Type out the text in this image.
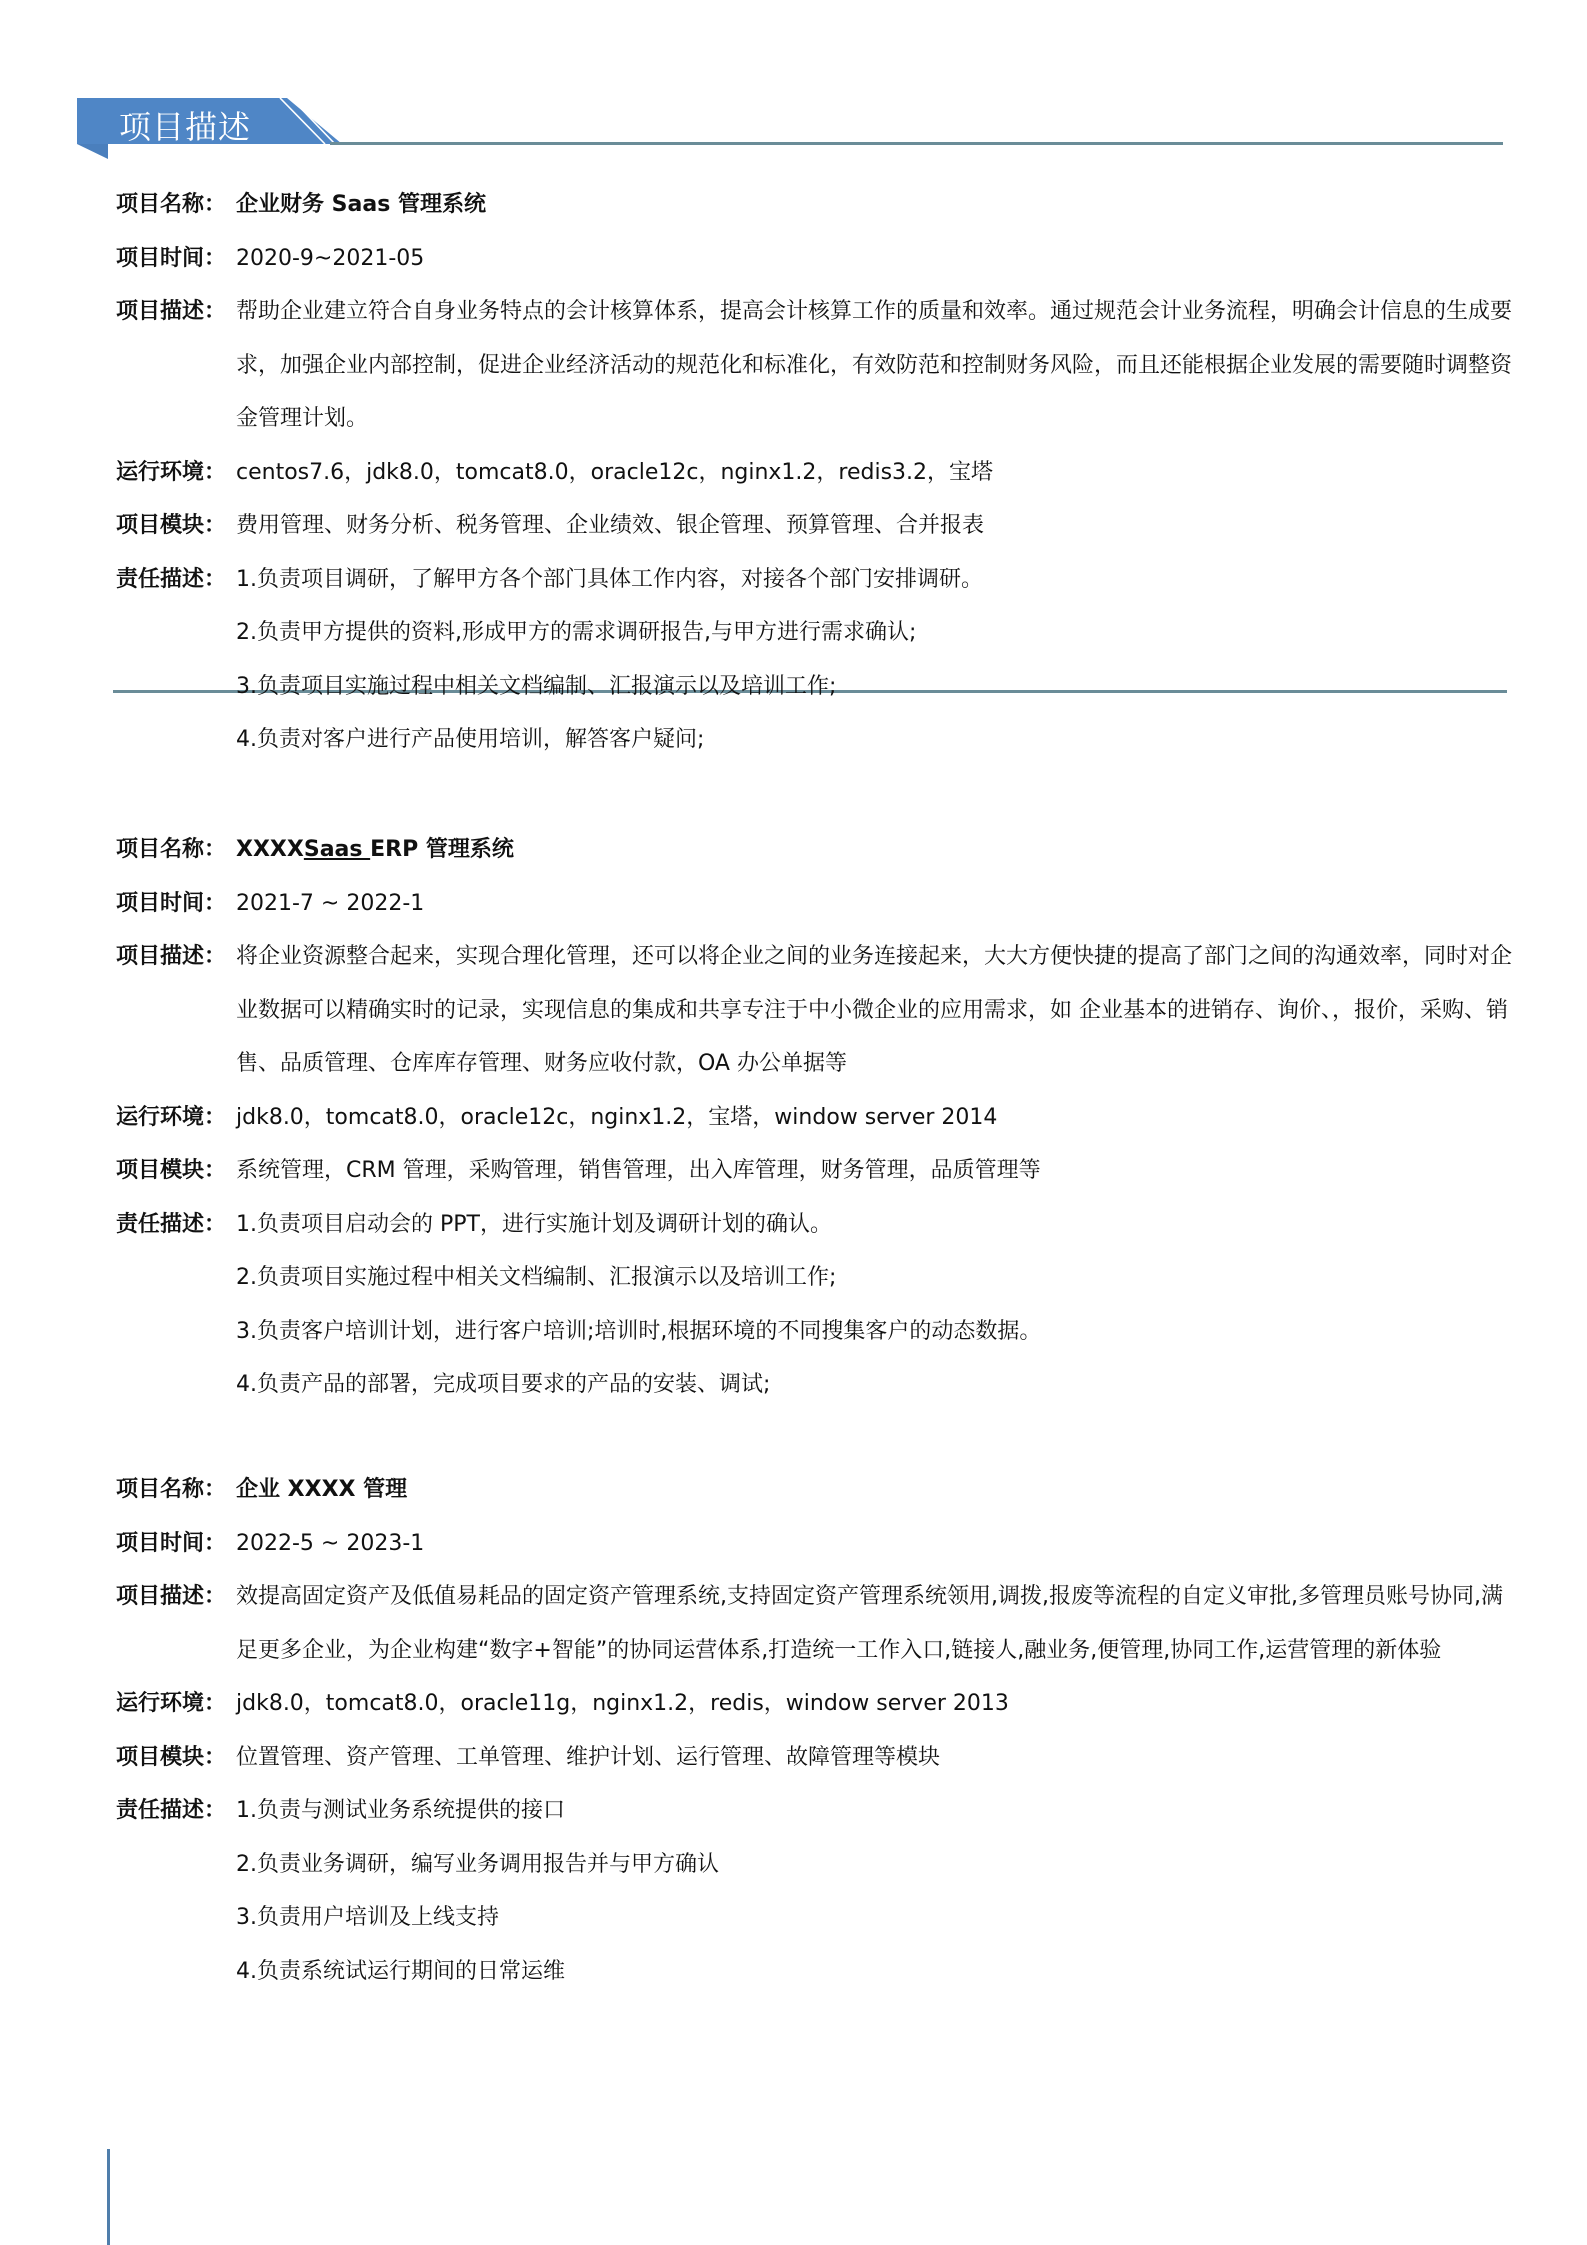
项目描述
项目名称： 企业财务 Saas 管理系统
项目时间： 2020-9~2021-05
项目描述： 帮助企业建立符合自身业务特点的会计核算体系，提高会计核算工作的质量和效率。通过规范会计业务流程，明确会计信息的生成要求，加强企业内部控制，促进企业经济活动的规范化和标准化，有效防范和控制财务风险，而且还能根据企业发展的需要随时调整资金管理计划。
运行环境： centos7.6，jdk8.0，tomcat8.0，oracle12c，nginx1.2，redis3.2，宝塔
项目模块： 费用管理、财务分析、税务管理、企业绩效、银企管理、预算管理、合并报表
责任描述： 1.负责项目调研，了解甲方各个部门具体工作内容，对接各个部门安排调研。
2.负责甲方提供的资料,形成甲方的需求调研报告,与甲方进行需求确认;
3.负责项目实施过程中相关文档编制、汇报演示以及培训工作;
4.负责对客户进行产品使用培训，解答客户疑问;
项目名称： XXXXSaas ERP 管理系统
项目时间： 2021-7 ~ 2022-1
项目描述： 将企业资源整合起来，实现合理化管理，还可以将企业之间的业务连接起来，大大方便快捷的提高了部门之间的沟通效率，同时对企业数据可以精确实时的记录，实现信息的集成和共享专注于中小微企业的应用需求，如 企业基本的进销存、询价、，报价，采购、销售、品质管理、仓库库存管理、财务应收付款，OA 办公单据等
运行环境： jdk8.0，tomcat8.0，oracle12c，nginx1.2，宝塔，window server 2014
项目模块： 系统管理，CRM 管理，采购管理，销售管理，出入库管理，财务管理，品质管理等
责任描述： 1.负责项目启动会的 PPT，进行实施计划及调研计划的确认。
2.负责项目实施过程中相关文档编制、汇报演示以及培训工作;
3.负责客户培训计划，进行客户培训;培训时,根据环境的不同搜集客户的动态数据。
4.负责产品的部署，完成项目要求的产品的安装、调试;
项目名称： 企业 XXXX 管理
项目时间： 2022-5 ~ 2023-1
项目描述： 效提高固定资产及低值易耗品的固定资产管理系统,支持固定资产管理系统领用,调拨,报废等流程的自定义审批,多管理员账号协同,满足更多企业，为企业构建“数字+智能”的协同运营体系,打造统一工作入口,链接人,融业务,便管理,协同工作,运营管理的新体验
运行环境： jdk8.0，tomcat8.0，oracle11g，nginx1.2，redis，window server 2013
项目模块： 位置管理、资产管理、工单管理、维护计划、运行管理、故障管理等模块
责任描述： 1.负责与测试业务系统提供的接口
2.负责业务调研，编写业务调用报告并与甲方确认
3.负责用户培训及上线支持
4.负责系统试运行期间的日常运维
